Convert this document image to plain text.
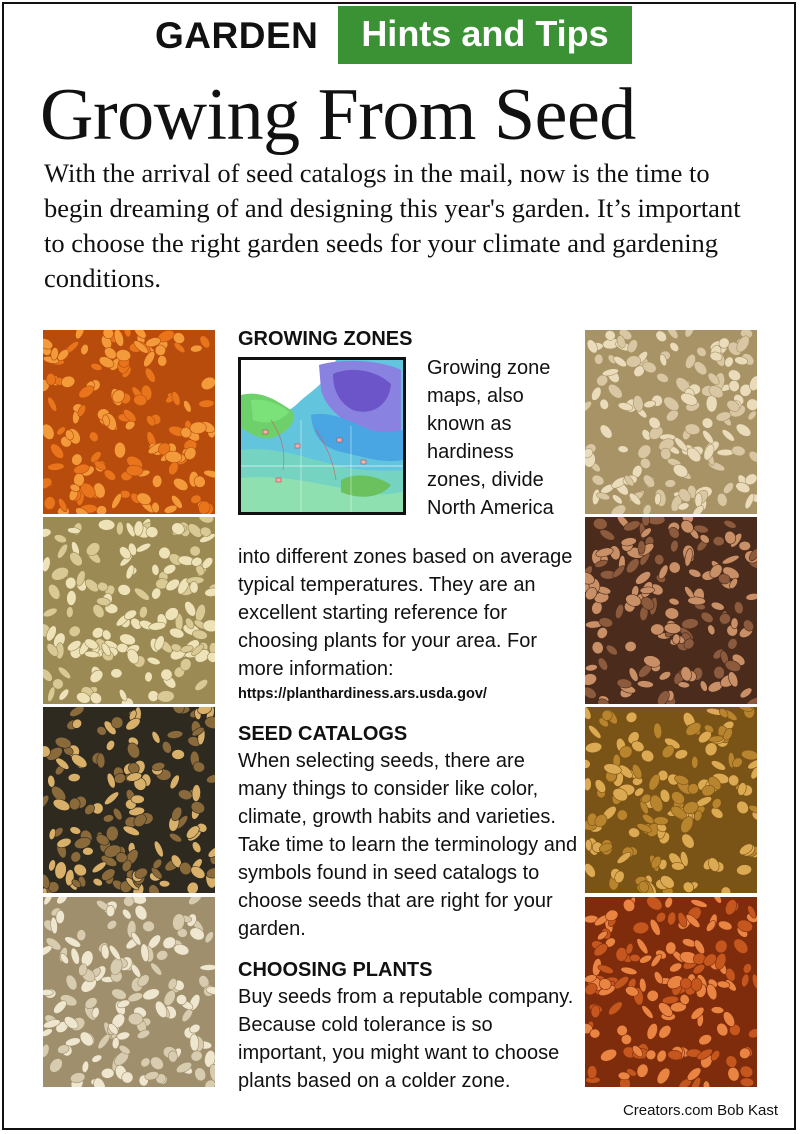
GARDEN	Hints and Tips
Growing From Seed
With the arrival of seed catalogs in the mail, now is the time to begin dreaming of and designing this year's garden. It’s important to choose the right garden seeds for your climate and gardening conditions.
Growing zone maps, also known as hardiness zones, divide North America

GROWING ZONES

into different zones based on average typical temperatures. They are an excellent starting reference for choosing plants for your area. For more information:

https://planthardiness.ars.usda.gov/

SEED CATALOGS

When selecting seeds, there are many things to consider like color, climate, growth habits and varieties. Take time to learn the terminology and symbols found in seed catalogs to choose seeds that are right for your garden.

CHOOSING PLANTS

Buy seeds from a reputable company. Because cold tolerance is so important, you might want to choose plants based on a colder zone.

Creators.com Bob Kast
